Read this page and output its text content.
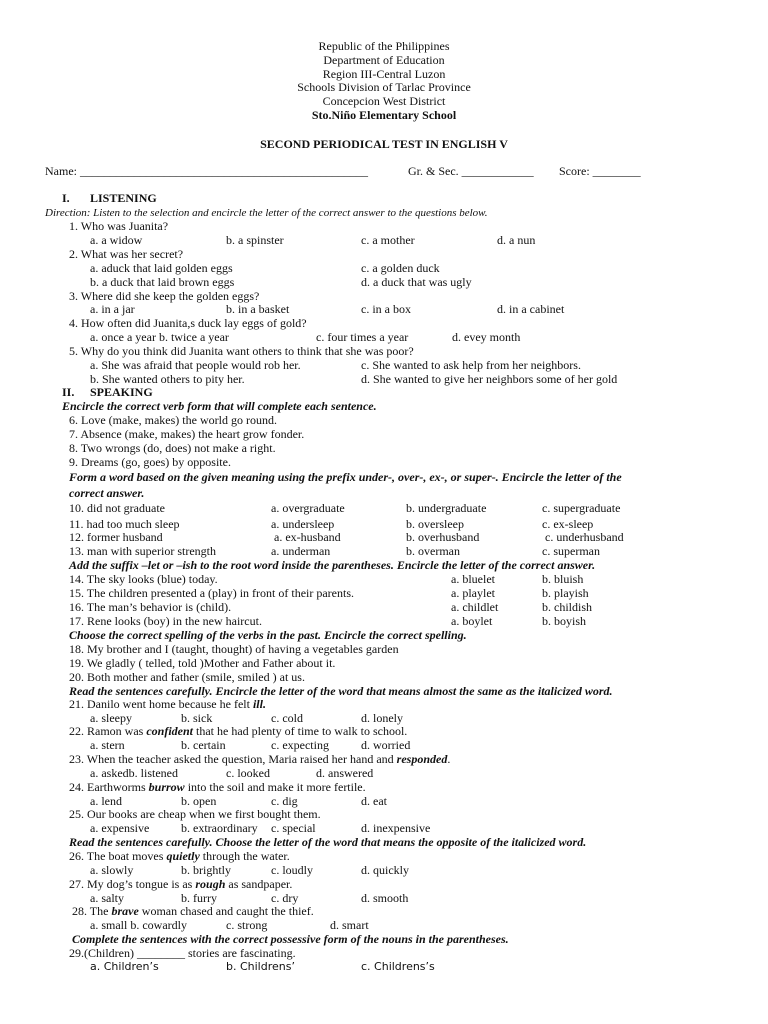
Republic of the Philippines
Department of Education
Region III-Central Luzon
Schools Division of Tarlac Province
Concepcion West District
Sto.Niño Elementary School
SECOND PERIODICAL TEST IN ENGLISH V
Name: ________________________________________________	Gr. & Sec. ____________ Score: ________
I. LISTENING
Direction: Listen to the selection and encircle the letter of the correct answer to the questions below.
1. Who was Juanita?
a. a widow	b. a spinster	c. a mother	d. a nun
2. What was her secret?
a. aduck that laid golden eggs	c. a golden duck
b. a duck that laid brown eggs	d. a duck that was ugly
3. Where did she keep the golden eggs?
a. in a jar	b. in a basket	c. in a box	d. in a cabinet
4. How often did Juanita,s duck lay eggs of gold?
a. once a year b. twice a year	c. four times a year	d. evey month
5. Why do you think did Juanita want others to think that she was poor?
a. She was afraid that people would rob her.	c. She wanted to ask help from her neighbors.
b. She wanted others to pity her.	d. She wanted to give her neighbors some of her gold
II. SPEAKING
Encircle the correct verb form that will complete each sentence.
6. Love (make, makes) the world go round.
7. Absence (make, makes) the heart grow fonder.
8. Two wrongs (do, does) not make a right.
9. Dreams (go, goes) by opposite.
Form a word based on the given meaning using the prefix under-, over-, ex-, or super-. Encircle the letter of the
correct answer.
10. did not graduate	a. overgraduate	b. undergraduate	c. supergraduate
11. had too much sleep	a. undersleep	b. oversleep	c. ex-sleep
12. former husband	a. ex-husband	b. overhusband	c. underhusband
13. man with superior strength	a. underman	b. overman	c. superman
Add the suffix –let or –ish to the root word inside the parentheses. Encircle the letter of the correct answer.
14. The sky looks (blue) today.	a. bluelet	b. bluish
15. The children presented a (play) in front of their parents.	a. playlet	b. playish
16. The man’s behavior is (child).	a. childlet	b. childish
17. Rene looks (boy) in the new haircut.	a. boylet	b. boyish
Choose the correct spelling of the verbs in the past. Encircle the correct spelling.
18. My brother and I (taught, thought) of having a vegetables garden
19. We gladly ( telled, told )Mother and Father about it.
20. Both mother and father (smile, smiled ) at us.
Read the sentences carefully. Encircle the letter of the word that means almost the same as the italicized word.
21. Danilo went home because he felt ill.
a. sleepy	b. sick	c. cold	d. lonely
22. Ramon was confident that he had plenty of time to walk to school.
a. stern	b. certain	c. expecting	d. worried
23. When the teacher asked the question, Maria raised her hand and responded.
a. askedb. listened	c. looked	d. answered
24. Earthworms burrow into the soil and make it more fertile.
a. lend	b. open	c. dig	d. eat
25. Our books are cheap when we first bought them.
a. expensive	b. extraordinary c. special	d. inexpensive
Read the sentences carefully. Choose the letter of the word that means the opposite of the italicized word.
26. The boat moves quietly through the water.
a. slowly	b. brightly	c. loudly	d. quickly
27. My dog’s tongue is as rough as sandpaper.
a. salty	b. furry	c. dry	d. smooth
28. The brave woman chased and caught the thief.
a. small b. cowardly	c. strong	d. smart
Complete the sentences with the correct possessive form of the nouns in the parentheses.
29.(Children) ________ stories are fascinating.
a. Children’s	b. Childrens’	c. Childrens’s
